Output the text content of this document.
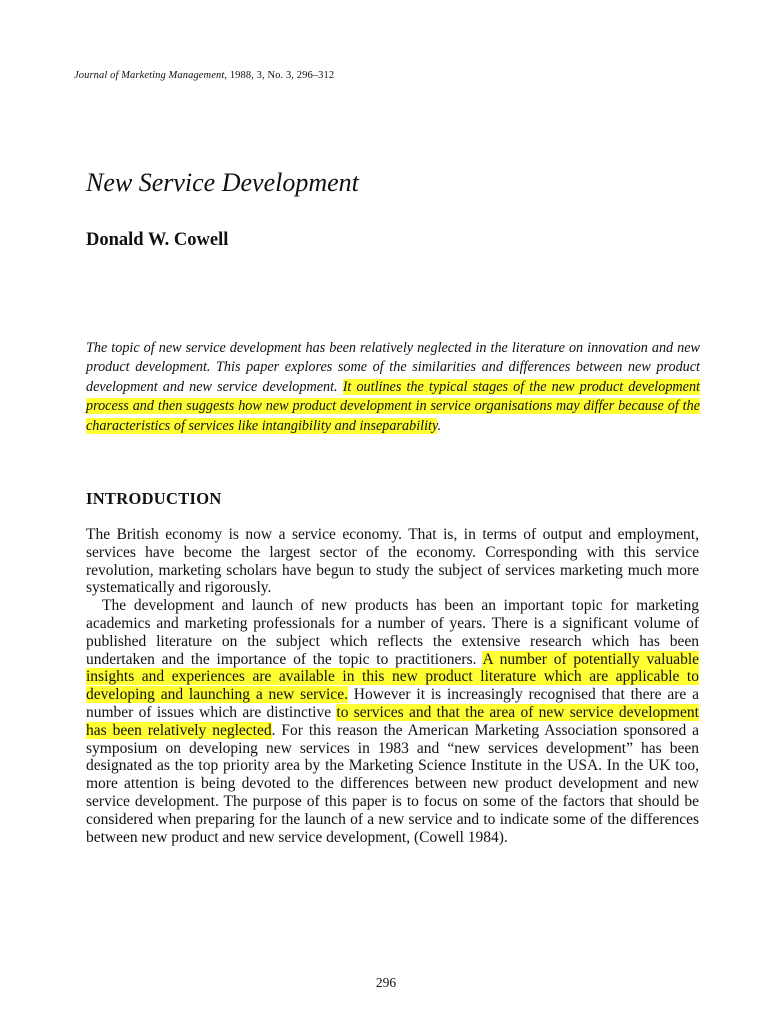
Journal of Marketing Management, 1988, 3, No. 3, 296–312
New Service Development
Donald W. Cowell

The topic of new service development has been relatively neglected in the literature on innovation and new product development. This paper explores some of the similarities and differences between new product development and new service development. It outlines the typical stages of the new product development process and then suggests how new product development in service organisations may differ because of the characteristics of services like intangibility and inseparability.

INTRODUCTION

The British economy is now a service economy. That is, in terms of output and employment, services have become the largest sector of the economy. Corresponding with this service revolution, marketing scholars have begun to study the subject of services marketing much more systematically and rigorously.

The development and launch of new products has been an important topic for marketing academics and marketing professionals for a number of years. There is a significant volume of published literature on the subject which reflects the extensive research which has been undertaken and the importance of the topic to practitioners. A number of potentially valuable insights and experiences are available in this new product literature which are applicable to developing and launching a new service. However it is increasingly recognised that there are a number of issues which are distinctive to services and that the area of new service development has been relatively neglected. For this reason the American Marketing Association sponsored a symposium on developing new services in 1983 and “new services development” has been designated as the top priority area by the Marketing Science Institute in the USA. In the UK too, more attention is being devoted to the differences between new product development and new service development. The purpose of this paper is to focus on some of the factors that should be considered when preparing for the launch of a new service and to indicate some of the differences between new product and new service development, (Cowell 1984).

296
